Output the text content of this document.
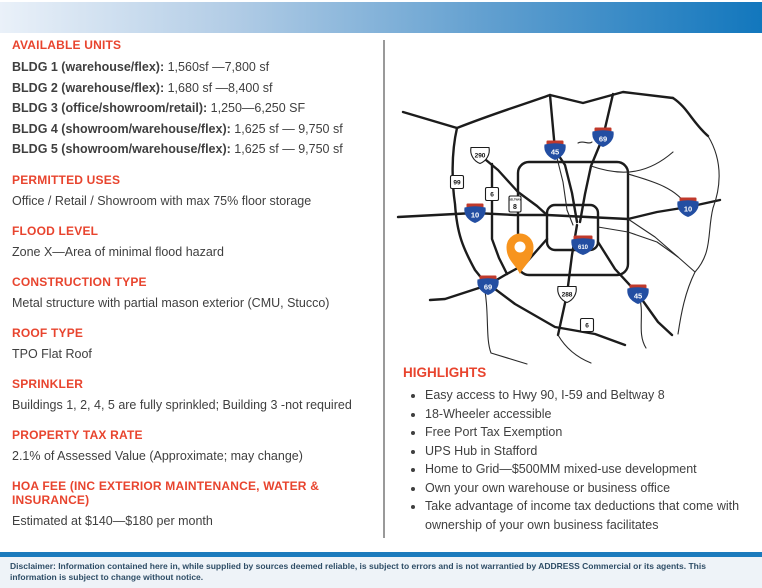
AVAILABLE UNITS

BLDG 1 (warehouse/flex): 1,560sf —7,800 sf
BLDG 2 (warehouse/flex): 1,680 sf —8,400 sf
BLDG 3 (office/showroom/retail): 1,250—6,250 SF
BLDG 4 (showroom/warehouse/flex): 1,625 sf — 9,750 sf
BLDG 5 (showroom/warehouse/flex): 1,625 sf — 9,750 sf

PERMITTED USES

Office / Retail / Showroom with max 75% floor storage

FLOOD LEVEL

Zone X—Area of minimal flood hazard

CONSTRUCTION TYPE

Metal structure with partial mason exterior (CMU, Stucco)

ROOF TYPE

TPO Flat Roof

SPRINKLER

Buildings 1, 2, 4, 5 are fully sprinkled; Building 3 -not required

PROPERTY TAX RATE

2.1% of Assessed Value (Approximate; may change)

HOA FEE (INC EXTERIOR MAINTENANCE, WATER & INSURANCE)

Estimated at $140—$180 per month

290
99
6
BELTWAY
8
10
45
69
10
610
288	45
69
6

HIGHLIGHTS

• Easy access to Hwy 90, I-59 and Beltway 8
• 18-Wheeler accessible
• Free Port Tax Exemption
• UPS Hub in Stafford
• Home to Grid—$500MM mixed-use development
• Own your own warehouse or business office
• Take advantage of income tax deductions that come with ownership of your own business facilitates

Disclaimer: Information contained here in, while supplied by sources deemed reliable, is subject to errors and is not warrantied by ADDRESS Commercial or its agents. This information is subject to change without notice.
